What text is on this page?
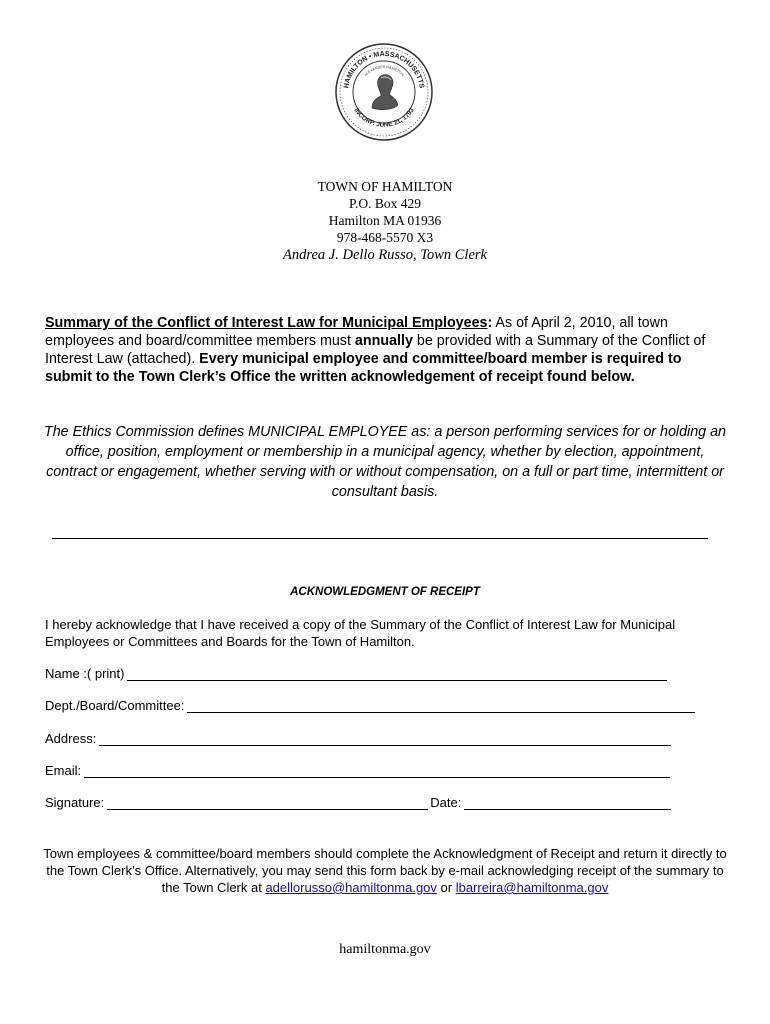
HAMILTON • MASSACHUSETTS
INCORP. JUNE 21, 1793
ALEXANDER HAMILTON
TOWN OF HAMILTON
P.O. Box 429
Hamilton MA 01936
978-468-5570 X3
Andrea J. Dello Russo, Town Clerk
Summary of the Conflict of Interest Law for Municipal Employees: As of April 2, 2010, all town employees and board/committee members must annually be provided with a Summary of the Conflict of Interest Law (attached). Every municipal employee and committee/board member is required to submit to the Town Clerk’s Office the written acknowledgement of receipt found below.
The Ethics Commission defines MUNICIPAL EMPLOYEE as: a person performing services for or holding an office, position, employment or membership in a municipal agency, whether by election, appointment, contract or engagement, whether serving with or without compensation, on a full or part time, intermittent or consultant basis.
ACKNOWLEDGMENT OF RECEIPT
I hereby acknowledge that I have received a copy of the Summary of the Conflict of Interest Law for Municipal Employees or Committees and Boards for the Town of Hamilton.
Name :( print)
Dept./Board/Committee:
Address:
Email:
Signature:	Date:
Town employees & committee/board members should complete the Acknowledgment of Receipt and return it directly to the Town Clerk’s Office. Alternatively, you may send this form back by e-mail acknowledging receipt of the summary to the Town Clerk at adellorusso@hamiltonma.gov or lbarreira@hamiltonma.gov
hamiltonma.gov
